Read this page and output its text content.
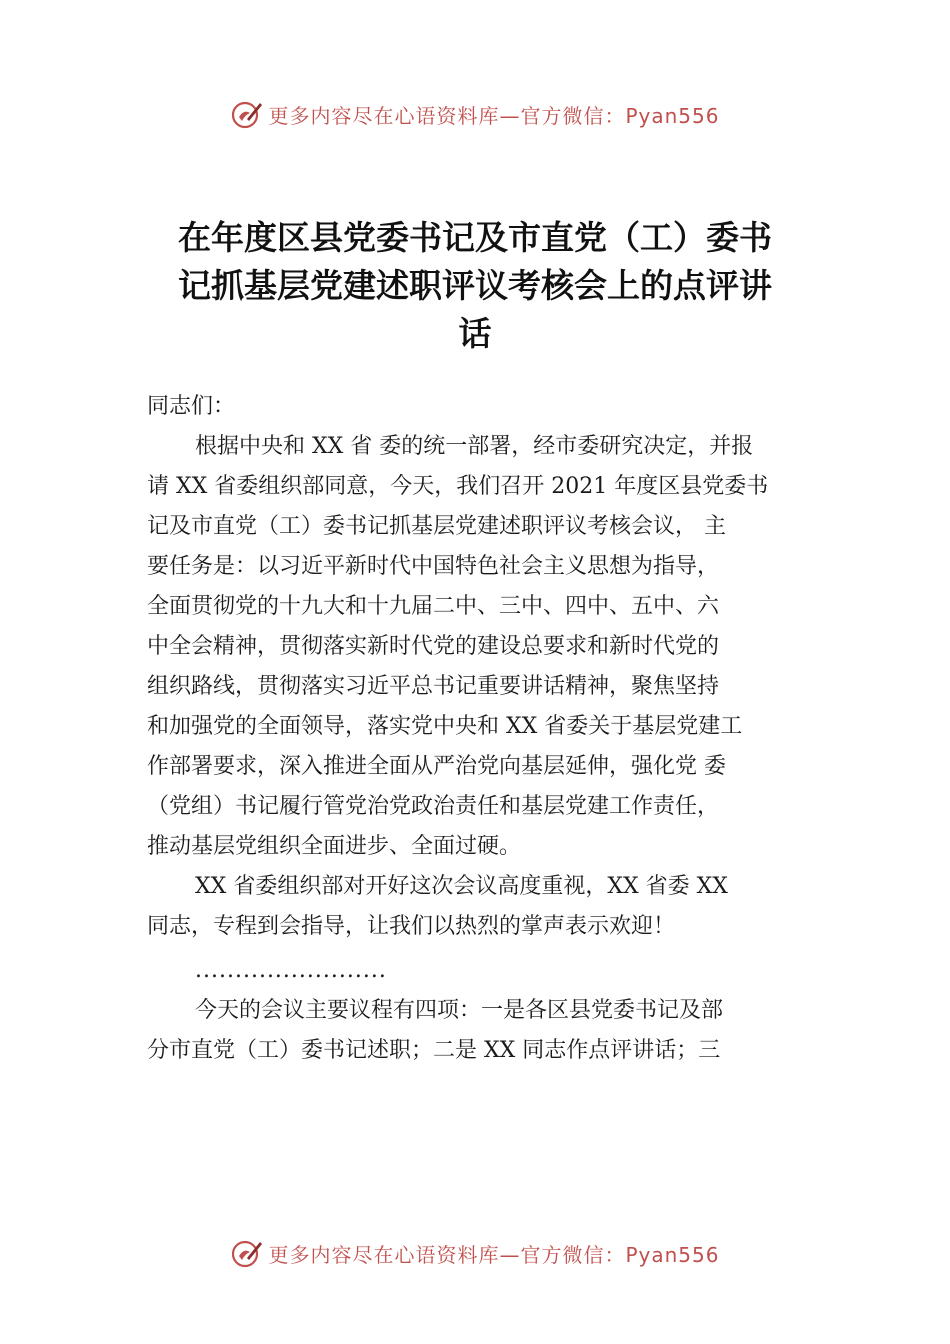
更多内容尽在心语资料库—官方微信：Pyan556
在年度区县党委书记及市直党（工）委书
记抓基层党建述职评议考核会上的点评讲
话
同志们：
根据中央和 XX 省 委的统一部署，经市委研究决定，并报
请 XX 省委组织部同意，今天，我们召开 2021 年度区县党委书
记及市直党（工）委书记抓基层党建述职评议考核会议， 主
要任务是：以习近平新时代中国特色社会主义思想为指导，
全面贯彻党的十九大和十九届二中、三中、四中、五中、六
中全会精神，贯彻落实新时代党的建设总要求和新时代党的
组织路线，贯彻落实习近平总书记重要讲话精神，聚焦坚持
和加强党的全面领导，落实党中央和 XX 省委关于基层党建工
作部署要求，深入推进全面从严治党向基层延伸，强化党 委
（党组）书记履行管党治党政治责任和基层党建工作责任，
推动基层党组织全面进步、全面过硬。
XX 省委组织部对开好这次会议高度重视，XX 省委 XX
同志，专程到会指导，让我们以热烈的掌声表示欢迎！
........................
今天的会议主要议程有四项：一是各区县党委书记及部
分市直党（工）委书记述职；二是 XX 同志作点评讲话；三
更多内容尽在心语资料库—官方微信：Pyan556
